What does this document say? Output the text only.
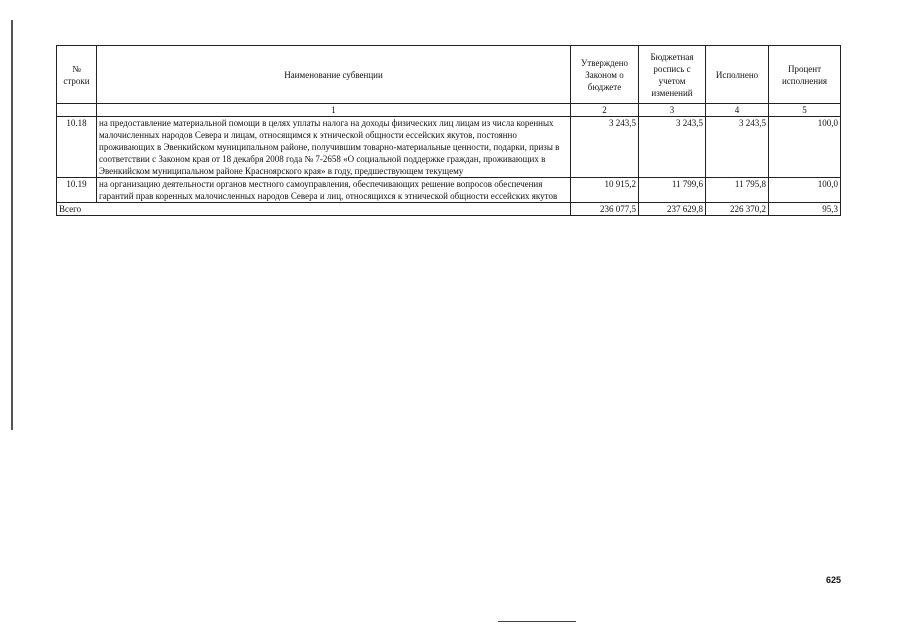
№ строки	Наименование субвенции	Утверждено Законом о бюджете	Бюджетная роспись с учетом изменений	Исполнено	Процент исполнения
	1	2	3	4	5
10.18	на предоставление материальной помощи в целях уплаты налога на доходы физических лиц лицам из числа коренных малочисленных народов Севера и лицам, относящимся к этнической общности ессейских якутов, постоянно проживающих в Эвенкийском муниципальном районе, получившим товарно-материальные ценности, подарки, призы в соответствии с Законом края от 18 декабря 2008 года № 7-2658 «О социальной поддержке граждан, проживающих в Эвенкийском муниципальном районе Красноярского края» в году, предшествующем текущему	3 243,5	3 243,5	3 243,5	100,0
10.19	на организацию деятельности органов местного самоуправления, обеспечивающих решение вопросов обеспечения гарантий прав коренных малочисленных народов Севера и лиц, относящихся к этнической общности ессейских якутов	10 915,2	11 799,6	11 795,8	100,0
Всего		236 077,5	237 629,8	226 370,2	95,3
625
